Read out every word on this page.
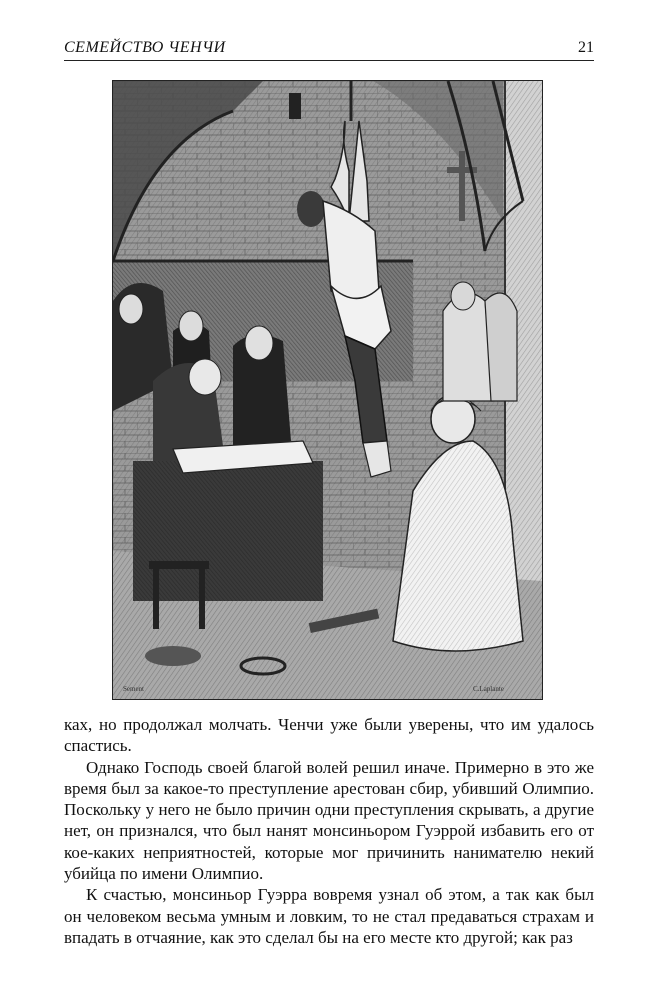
СЕМЕЙСТВО ЧЕНЧИ	21
Sement	C.Laplante

ках, но продолжал молчать. Ченчи уже были уверены, что им удалось спастись.

Однако Господь своей благой волей решил иначе. Примерно в это же время был за какое-то преступление арестован сбир, убивший Олимпио. Поскольку у него не было причин одни преступления скрывать, а другие нет, он признался, что был нанят монсиньором Гуэррой избавить его от кое-каких неприятностей, которые мог причинить нанимателю некий убийца по имени Олимпио.

К счастью, монсиньор Гуэрра вовремя узнал об этом, а так как был он человеком весьма умным и ловким, то не стал предаваться страхам и впадать в отчаяние, как это сделал бы на его месте кто другой; как раз
